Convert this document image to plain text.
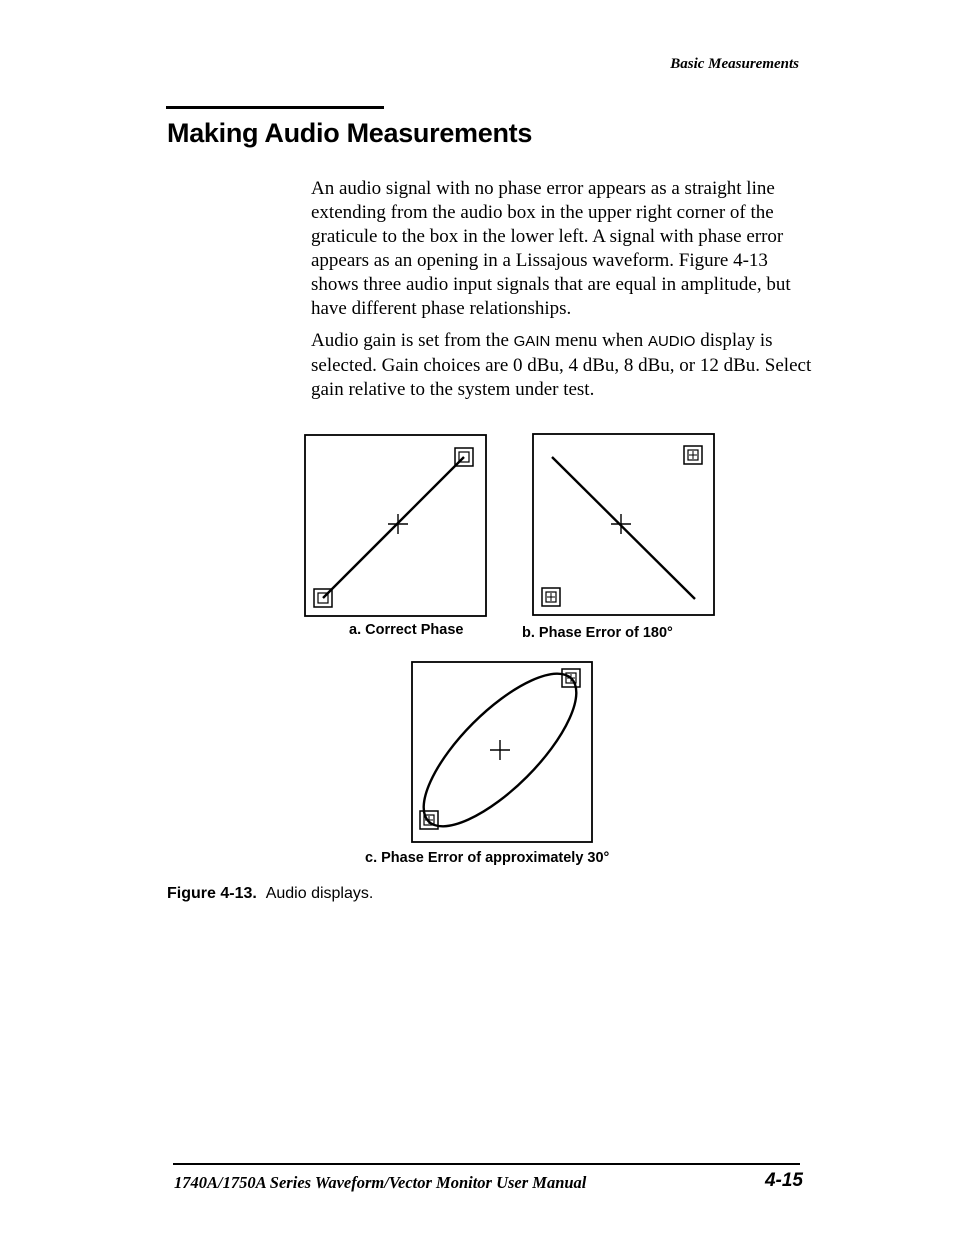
Basic Measurements
Making Audio Measurements

An audio signal with no phase error appears as a straight line extending from the audio box in the upper right corner of the graticule to the box in the lower left. A signal with phase error appears as an opening in a Lissajous waveform. Figure 4-13 shows three audio input signals that are equal in amplitude, but have different phase relationships.

Audio gain is set from the GAIN menu when AUDIO display is selected. Gain choices are 0 dBu, 4 dBu, 8 dBu, or 12 dBu. Select gain relative to the system under test.

a. Correct Phase	b. Phase Error of 180°
c. Phase Error of approximately 30°
Figure 4-13. Audio displays.
1740A/1750A Series Waveform/Vector Monitor User Manual	4-15
